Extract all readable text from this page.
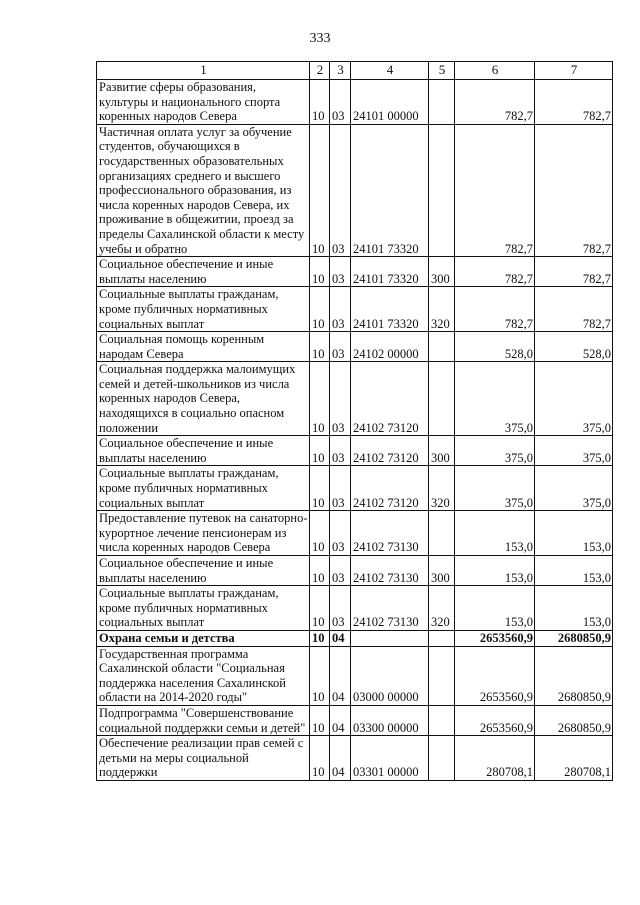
333
1	2	3	4	5	6	7
Развитие сферы образования, культуры и национального спорта коренных народов Севера	10	03	24101 00000		782,7	782,7
Частичная оплата услуг за обучение студентов, обучающихся в государственных образовательных организациях среднего и высшего профессионального образования, из числа коренных народов Севера, их проживание в общежитии, проезд за пределы Сахалинской области к месту учебы и обратно	10	03	24101 73320		782,7	782,7
Социальное обеспечение и иные выплаты населению	10	03	24101 73320	300	782,7	782,7
Социальные выплаты гражданам, кроме публичных нормативных социальных выплат	10	03	24101 73320	320	782,7	782,7
Социальная помощь коренным народам Севера	10	03	24102 00000		528,0	528,0
Социальная поддержка малоимущих семей и детей-школьников из числа коренных народов Севера, находящихся в социально опасном положении	10	03	24102 73120		375,0	375,0
Социальное обеспечение и иные выплаты населению	10	03	24102 73120	300	375,0	375,0
Социальные выплаты гражданам, кроме публичных нормативных социальных выплат	10	03	24102 73120	320	375,0	375,0
Предоставление путевок на санаторно-курортное лечение пенсионерам из числа коренных народов Севера	10	03	24102 73130		153,0	153,0
Социальное обеспечение и иные выплаты населению	10	03	24102 73130	300	153,0	153,0
Социальные выплаты гражданам, кроме публичных нормативных социальных выплат	10	03	24102 73130	320	153,0	153,0
Охрана семьи и детства	10	04			2653560,9	2680850,9
Государственная программа Сахалинской области "Социальная поддержка населения Сахалинской области на 2014-2020 годы"	10	04	03000 00000		2653560,9	2680850,9
Подпрограмма "Совершенствование социальной поддержки семьи и детей"	10	04	03300 00000		2653560,9	2680850,9
Обеспечение реализации прав семей с детьми на меры социальной поддержки	10	04	03301 00000		280708,1	280708,1
